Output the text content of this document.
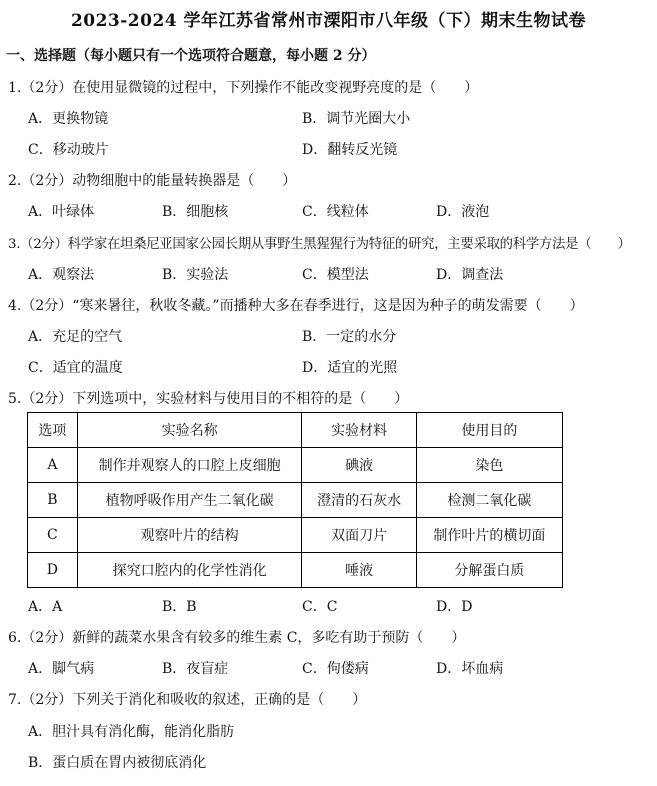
2023-2024 学年江苏省常州市溧阳市八年级（下）期末生物试卷
一、选择题（每小题只有一个选项符合题意，每小题 2 分）
1.（2分）在使用显微镜的过程中，下列操作不能改变视野亮度的是（　　）
A．更换物镜	B．调节光圈大小
C．移动玻片	D．翻转反光镜
2.（2分）动物细胞中的能量转换器是（　　）
A．叶绿体	B．细胞核	C．线粒体	D．液泡
3.（2分）科学家在坦桑尼亚国家公园长期从事野生黑猩猩行为特征的研究，主要采取的科学方法是（　　）
A．观察法	B．实验法	C．模型法	D．调查法
4.（2分）“寒来暑往，秋收冬藏。”而播种大多在春季进行，这是因为种子的萌发需要（　　）
A．充足的空气	B．一定的水分
C．适宜的温度	D．适宜的光照
5.（2分）下列选项中，实验材料与使用目的不相符的是（　　）
选项	实验名称	实验材料	使用目的
A	制作并观察人的口腔上皮细胞	碘液	染色
B	植物呼吸作用产生二氧化碳	澄清的石灰水	检测二氧化碳
C	观察叶片的结构	双面刀片	制作叶片的横切面
D	探究口腔内的化学性消化	唾液	分解蛋白质
A．A	B．B	C．C	D．D
6.（2分）新鲜的蔬菜水果含有较多的维生素 C，多吃有助于预防（　　）
A．脚气病	B．夜盲症	C．佝偻病	D．坏血病
7.（2分）下列关于消化和吸收的叙述，正确的是（　　）
A．胆汁具有消化酶，能消化脂肪
B．蛋白质在胃内被彻底消化
